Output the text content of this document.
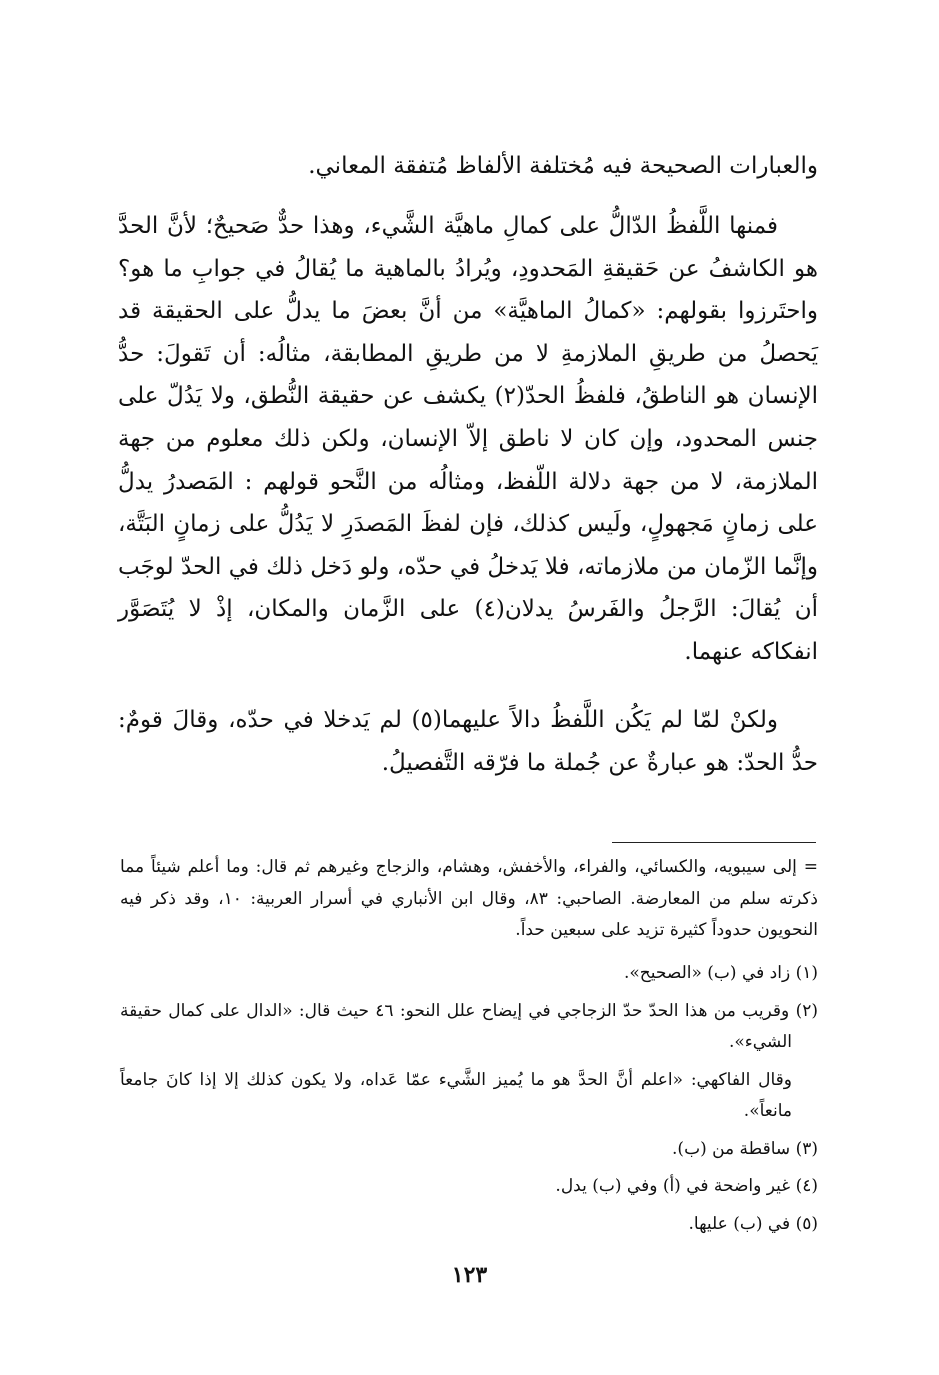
والعبارات الصحيحة فيه مُختلفة الألفاظ مُتفقة المعاني.

فمنها اللَّفظُ الدّالُّ على كمالِ ماهيَّة الشَّيء، وهذا حدٌّ صَحيحٌ؛ لأنَّ الحدَّ هو الكاشفُ عن حَقيقةِ المَحدودِ، ويُرادُ بالماهية ما يُقالُ في جوابِ ما هو؟ واحتَرزوا بقولهم: «كمالُ الماهيَّة» من أنَّ بعضَ ما يدلُّ على الحقيقة قد يَحصلُ من طريقِ الملازمةِ لا من طريقِ المطابقة، مثالُه: أن تَقولَ: حدُّ الإنسان هو الناطقُ، فلفظُ الحدّ(٢) يكشف عن حقيقة النُّطق، ولا يَدُلّ على جنس المحدود، وإن كان لا ناطق إلاّ الإنسان، ولكن ذلك معلوم من جهة الملازمة، لا من جهة دلالة اللّفظ، ومثالُه من النَّحو قولهم : المَصدرُ يدلُّ على زمانٍ مَجهولٍ، ولَيس كذلك، فإن لفظَ المَصدَرِ لا يَدُلُّ على زمانٍ البَتَّة، وإنَّما الزّمان من ملازماته، فلا يَدخلُ في حدّه، ولو دَخل ذلك في الحدّ لوجَب أن يُقالَ: الرَّجلُ والفَرسُ يدلان(٤) على الزَّمان والمكان، إذْ لا يُتَصَوَّر انفكاكه عنهما.

ولكنْ لمّا لم يَكُن اللَّفظُ دالاً عليهما(٥) لم يَدخلا في حدّه، وقالَ قومٌ: حدُّ الحدّ: هو عبارةٌ عن جُملة ما فرّقه التَّفصيلُ.

= إلى سيبويه، والكسائي، والفراء، والأخفش، وهشام، والزجاج وغيرهم ثم قال: وما أعلم شيئاً مما ذكرته سلم من المعارضة. الصاحبي: ٨٣، وقال ابن الأنباري في أسرار العربية: ١٠، وقد ذكر فيه النحويون حدوداً كثيرة تزيد على سبعين حداً.

(١) زاد في (ب) «الصحيح».

(٢) وقريب من هذا الحدّ حدّ الزجاجي في إيضاح علل النحو: ٤٦ حيث قال: «الدال على كمال حقيقة الشيء».

وقال الفاكهي: «اعلم أنَّ الحدَّ هو ما يُميز الشَّيء عمّا عَداه، ولا يكون كذلك إلا إذا كانَ جامعاً مانعاً».

(٣) ساقطة من (ب).

(٤) غير واضحة في (أ) وفي (ب) يدل.

(٥) في (ب) عليها.

١٢٣
